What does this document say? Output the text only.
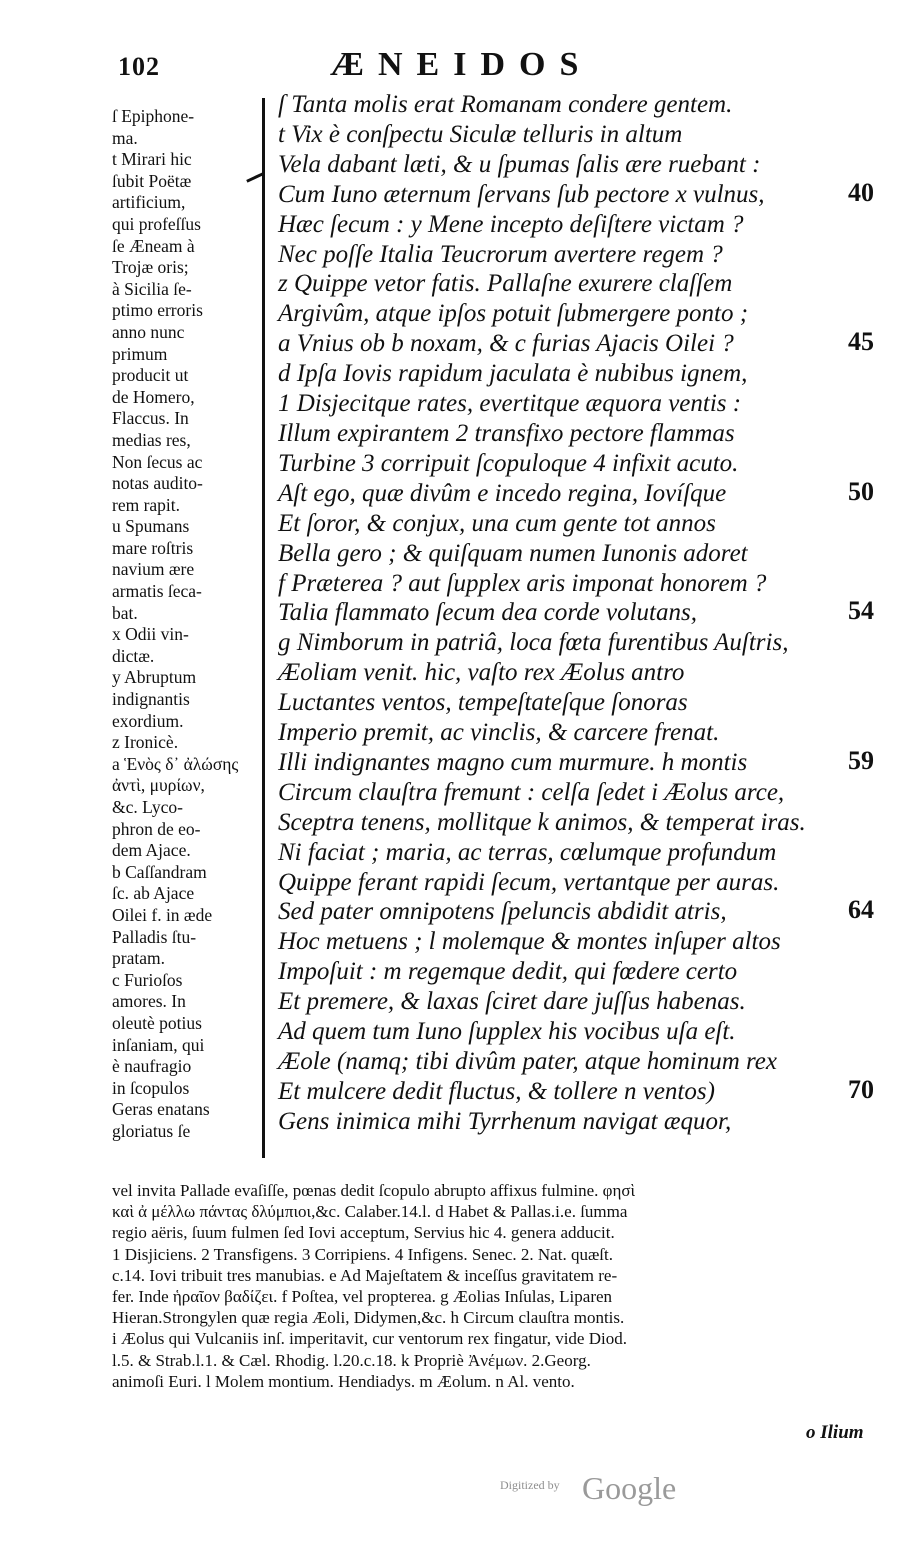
102	ÆNEIDOS
ſ Epiphone-
ma.
t Mirari hic
ſubit Poëtæ
artificium,
qui profeſſus
ſe Æneam à
Trojæ oris;
à Sicilia ſe-
ptimo erroris
anno nunc
primum
producit ut
de Homero,
Flaccus. In
medias res,
Non ſecus ac
notas audito-
rem rapit.
u Spumans
mare roſtris
navium ære
armatis ſeca-
bat.
x Odii vin-
dictæ.
y Abruptum
indignantis
exordium.
z Ironicè.
a Ἑνὸς δ᾽ ἀλώσης
ἀντὶ, μυρίων,
&c. Lyco-
phron de eo-
dem Ajace.
b Caſſandram
ſc. ab Ajace
Oilei f. in æde
Palladis ſtu-
pratam.
c Furioſos
amores. In
oleutè potius
inſaniam, qui
è naufragio
in ſcopulos
Geras enatans
gloriatus ſe
ſ Tanta molis erat Romanam condere gentem.
t Vix è conſpectu Siculæ telluris in altum
Vela dabant læti, & u ſpumas ſalis ære ruebant :
Cum Iuno æternum ſervans ſub pectore x vulnus,
Hæc ſecum : y Mene incepto deſiſtere victam ?
Nec poſſe Italia Teucrorum avertere regem ?
z Quippe vetor fatis. Pallaſne exurere claſſem
Argivûm, atque ipſos potuit ſubmergere ponto ;
a Vnius ob b noxam, & c furias Ajacis Oilei ?
d Ipſa Iovis rapidum jaculata è nubibus ignem,
1 Disjecitque rates, evertitque æquora ventis :
Illum expirantem 2 transfixo pectore flammas
Turbine 3 corripuit ſcopuloque 4 infixit acuto.
Aſt ego, quæ divûm e incedo regina, Iovíſque
Et ſoror, & conjux, una cum gente tot annos
Bella gero ; & quiſquam numen Iunonis adoret
f Præterea ? aut ſupplex aris imponat honorem ?
Talia flammato ſecum dea corde volutans,
g Nimborum in patriâ, loca fœta furentibus Auſtris,
Æoliam venit. hic, vaſto rex Æolus antro
Luctantes ventos, tempeſtateſque ſonoras
Imperio premit, ac vinclis, & carcere frenat.
Illi indignantes magno cum murmure. h montis
Circum clauſtra fremunt : celſa ſedet i Æolus arce,
Sceptra tenens, mollitque k animos, & temperat iras.
Ni faciat ; maria, ac terras, cœlumque profundum
Quippe ferant rapidi ſecum, vertantque per auras.
Sed pater omnipotens ſpeluncis abdidit atris,
Hoc metuens ; l molemque & montes inſuper altos
Impoſuit : m regemque dedit, qui fœdere certo
Et premere, & laxas ſciret dare juſſus habenas.
Ad quem tum Iuno ſupplex his vocibus uſa eſt.
Æole (namq; tibi divûm pater, atque hominum rex
Et mulcere dedit fluctus, & tollere n ventos)
Gens inimica mihi Tyrrhenum navigat æquor,
40
45
50
54
59
64
70
vel invita Pallade evaſiſſe, pœnas dedit ſcopulo abrupto affixus fulmine. φησὶ
καὶ ἀ μέλλω πάντας δλύμπιοι,&c. Calaber.14.l. d Habet & Pallas.i.e. ſumma
regio aëris, ſuum fulmen ſed Iovi acceptum, Servius hic 4. genera adducit.
1 Disjiciens. 2 Transfigens. 3 Corripiens. 4 Infigens. Senec. 2. Nat. quæſt.
c.14. Iovi tribuit tres manubias. e Ad Majeſtatem & inceſſus gravitatem re-
fer. Inde ἡραῖον βαδίζει. f Poſtea, vel propterea. g Æolias Inſulas, Liparen
Hieran.Strongylen quæ regia Æoli, Didymen,&c. h Circum clauſtra montis.
i Æolus qui Vulcaniis inſ. imperitavit, cur ventorum rex fingatur, vide Diod.
l.5. & Strab.l.1. & Cæl. Rhodig. l.20.c.18. k Propriè Ἀνέμων. 2.Georg.
animoſi Euri. l Molem montium. Hendiadys. m Æolum. n Al. vento.
o Ilium
Digitized by Google
